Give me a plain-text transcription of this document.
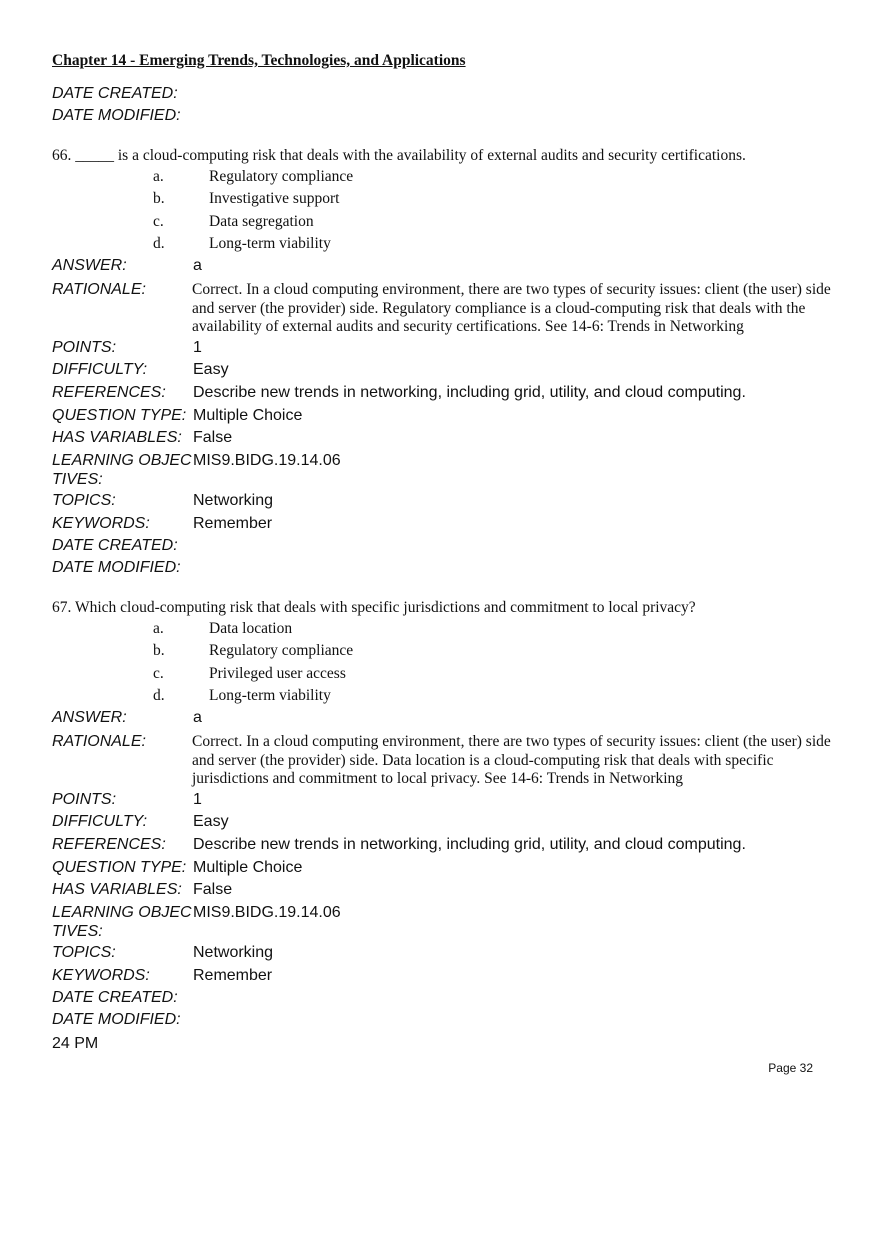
Chapter 14 - Emerging Trends, Technologies, and Applications
DATE CREATED:
DATE MODIFIED:
66. _____ is a cloud-computing risk that deals with the availability of external audits and security certifications.
a.	Regulatory compliance
b.	Investigative support
c.	Data segregation
d.	Long-term viability
ANSWER:	a
RATIONALE:	Correct. In a cloud computing environment, there are two types of security issues: client (the user) side and server (the provider) side. Regulatory compliance is a cloud-computing risk that deals with the availability of external audits and security certifications. See 14-6: Trends in Networking
POINTS:	1
DIFFICULTY:	Easy
REFERENCES: Describe new trends in networking, including grid, utility, and cloud computing.
QUESTION TYPE: Multiple Choice
HAS VARIABLES: False
LEARNING OBJEC
TIVES:
MIS9.BIDG.19.14.06
TOPICS:	Networking
KEYWORDS:	Remember
DATE CREATED:
DATE MODIFIED:
67. Which cloud-computing risk that deals with specific jurisdictions and commitment to local privacy?
a.	Data location
b.	Regulatory compliance
c.	Privileged user access
d.	Long-term viability
ANSWER:	a
RATIONALE:	Correct. In a cloud computing environment, there are two types of security issues: client (the user) side and server (the provider) side. Data location is a cloud-computing risk that deals with specific jurisdictions and commitment to local privacy. See 14-6: Trends in Networking
POINTS:	1
DIFFICULTY:	Easy
REFERENCES: Describe new trends in networking, including grid, utility, and cloud computing.
QUESTION TYPE: Multiple Choice
HAS VARIABLES: False
LEARNING OBJEC
TIVES:
MIS9.BIDG.19.14.06
TOPICS:	Networking
KEYWORDS:	Remember
DATE CREATED:
DATE MODIFIED:
24 PM
Page 32
